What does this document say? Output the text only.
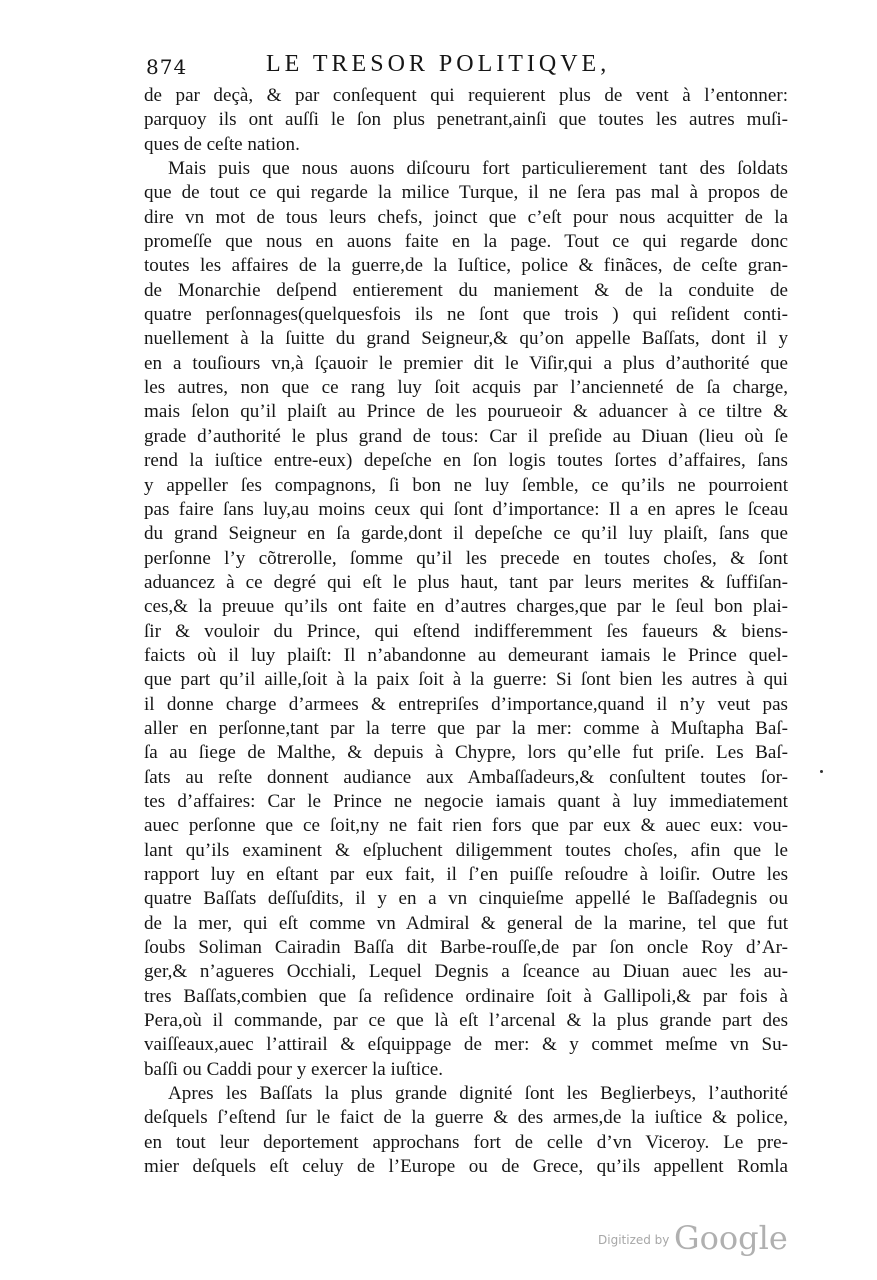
874	LE TRESOR POLITIQVE,
de par deçà, & par conſequent qui requierent plus de vent à l’entonner:
parquoy ils ont auſſi le ſon plus penetrant,ainſi que toutes les autres muſi-
ques de ceſte nation.
Mais puis que nous auons diſcouru fort particulierement tant des ſoldats
que de tout ce qui regarde la milice Turque, il ne ſera pas mal à propos de
dire vn mot de tous leurs chefs, joinct que c’eſt pour nous acquitter de la
promeſſe que nous en auons faite en la page. Tout ce qui regarde donc
toutes les affaires de la guerre,de la Iuſtice, police & finãces, de ceſte gran-
de Monarchie deſpend entierement du maniement & de la conduite de
quatre perſonnages(quelquesfois ils ne ſont que trois ) qui reſident conti-
nuellement à la ſuitte du grand Seigneur,& qu’on appelle Baſſats, dont il y
en a touſiours vn,à ſçauoir le premier dit le Viſir,qui a plus d’authorité que
les autres, non que ce rang luy ſoit acquis par l’ancienneté de ſa charge,
mais ſelon qu’il plaiſt au Prince de les pourueoir & aduancer à ce tiltre &
grade d’authorité le plus grand de tous: Car il preſide au Diuan (lieu où ſe
rend la iuſtice entre-eux) depeſche en ſon logis toutes ſortes d’affaires, ſans
y appeller ſes compagnons, ſi bon ne luy ſemble, ce qu’ils ne pourroient
pas faire ſans luy,au moins ceux qui ſont d’importance: Il a en apres le ſceau
du grand Seigneur en ſa garde,dont il depeſche ce qu’il luy plaiſt, ſans que
perſonne l’y cõtrerolle, ſomme qu’il les precede en toutes choſes, & ſont
aduancez à ce degré qui eſt le plus haut, tant par leurs merites & ſuffiſan-
ces,& la preuue qu’ils ont faite en d’autres charges,que par le ſeul bon plai-
ſir & vouloir du Prince, qui eſtend indifferemment ſes faueurs & biens-
faicts où il luy plaiſt: Il n’abandonne au demeurant iamais le Prince quel-
que part qu’il aille,ſoit à la paix ſoit à la guerre: Si ſont bien les autres à qui
il donne charge d’armees & entrepriſes d’importance,quand il n’y veut pas
aller en perſonne,tant par la terre que par la mer: comme à Muſtapha Baſ-
ſa au ſiege de Malthe, & depuis à Chypre, lors qu’elle fut priſe. Les Baſ-
ſats au reſte donnent audiance aux Ambaſſadeurs,& conſultent toutes ſor-
tes d’affaires: Car le Prince ne negocie iamais quant à luy immediatement
auec perſonne que ce ſoit,ny ne fait rien fors que par eux & auec eux: vou-
lant qu’ils examinent & eſpluchent diligemment toutes choſes, afin que le
rapport luy en eſtant par eux fait, il ſ’en puiſſe reſoudre à loiſir. Outre les
quatre Baſſats deſſuſdits, il y en a vn cinquieſme appellé le Baſſadegnis ou
de la mer, qui eſt comme vn Admiral & general de la marine, tel que fut
ſoubs Soliman Cairadin Baſſa dit Barbe-rouſſe,de par ſon oncle Roy d’Ar-
ger,& n’agueres Occhiali, Lequel Degnis a ſceance au Diuan auec les au-
tres Baſſats,combien que ſa reſidence ordinaire ſoit à Gallipoli,& par fois à
Pera,où il commande, par ce que là eſt l’arcenal & la plus grande part des
vaiſſeaux,auec l’attirail & eſquippage de mer: & y commet meſme vn Su-
baſſi ou Caddi pour y exercer la iuſtice.
Apres les Baſſats la plus grande dignité ſont les Beglierbeys, l’authorité
deſquels ſ’eſtend ſur le faict de la guerre & des armes,de la iuſtice & police,
en tout leur deportement approchans fort de celle d’vn Viceroy. Le pre-
mier deſquels eſt celuy de l’Europe ou de Grece, qu’ils appellent Romla
Digitized by Google
